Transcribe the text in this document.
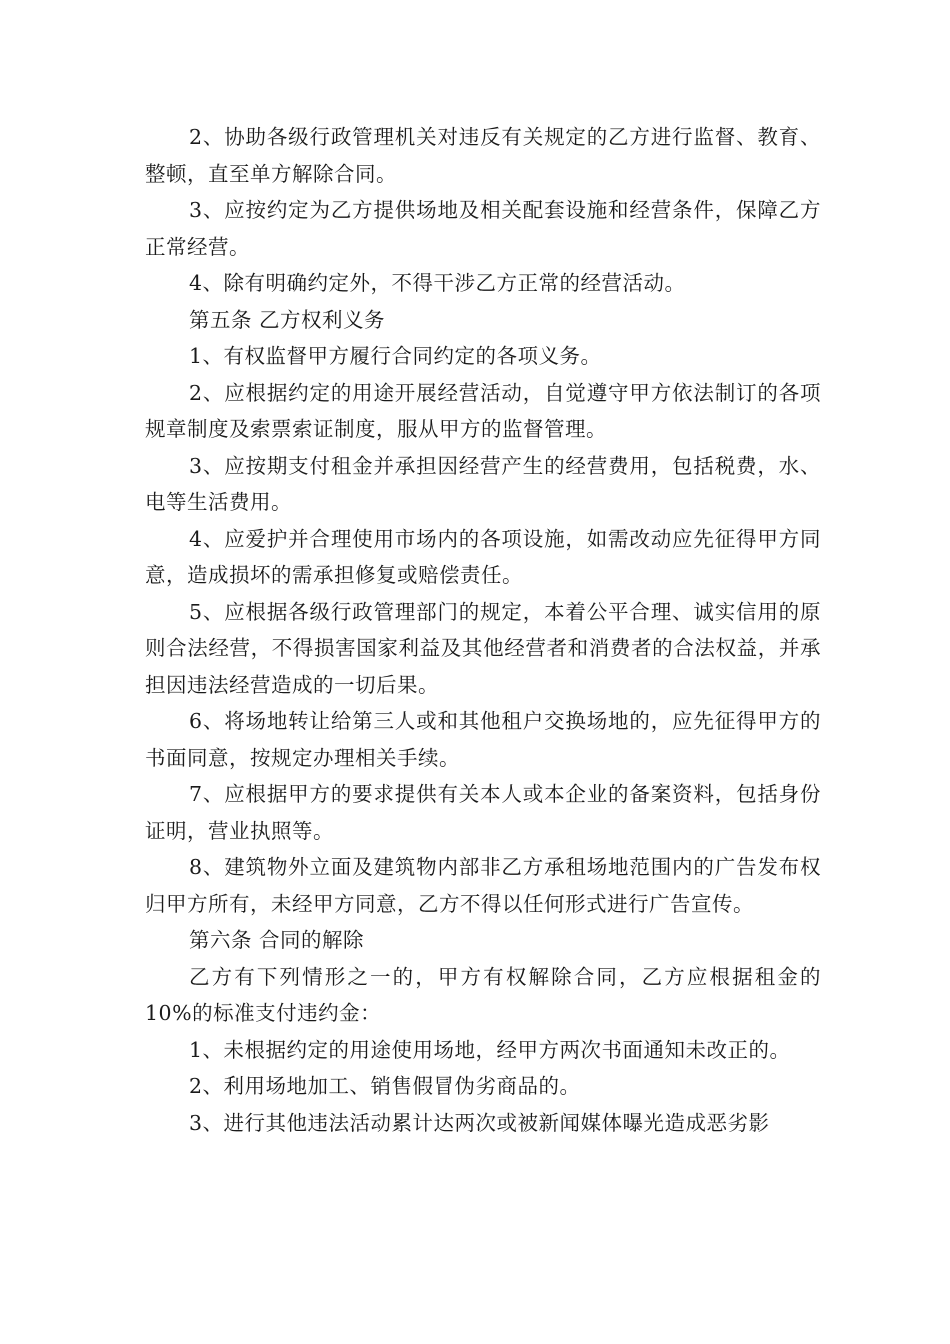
2、协助各级行政管理机关对违反有关规定的乙方进行监督、教育、整顿，直至单方解除合同。

3、应按约定为乙方提供场地及相关配套设施和经营条件，保障乙方正常经营。

4、除有明确约定外，不得干涉乙方正常的经营活动。

第五条 乙方权利义务

1、有权监督甲方履行合同约定的各项义务。

2、应根据约定的用途开展经营活动，自觉遵守甲方依法制订的各项规章制度及索票索证制度，服从甲方的监督管理。

3、应按期支付租金并承担因经营产生的经营费用，包括税费，水、电等生活费用。

4、应爱护并合理使用市场内的各项设施，如需改动应先征得甲方同意，造成损坏的需承担修复或赔偿责任。

5、应根据各级行政管理部门的规定，本着公平合理、诚实信用的原则合法经营，不得损害国家利益及其他经营者和消费者的合法权益，并承担因违法经营造成的一切后果。

6、将场地转让给第三人或和其他租户交换场地的，应先征得甲方的书面同意，按规定办理相关手续。

7、应根据甲方的要求提供有关本人或本企业的备案资料，包括身份证明，营业执照等。

8、建筑物外立面及建筑物内部非乙方承租场地范围内的广告发布权归甲方所有，未经甲方同意，乙方不得以任何形式进行广告宣传。

第六条 合同的解除

乙方有下列情形之一的，甲方有权解除合同，乙方应根据租金的 10%的标准支付违约金：

1、未根据约定的用途使用场地，经甲方两次书面通知未改正的。

2、利用场地加工、销售假冒伪劣商品的。

3、进行其他违法活动累计达两次或被新闻媒体曝光造成恶劣影
